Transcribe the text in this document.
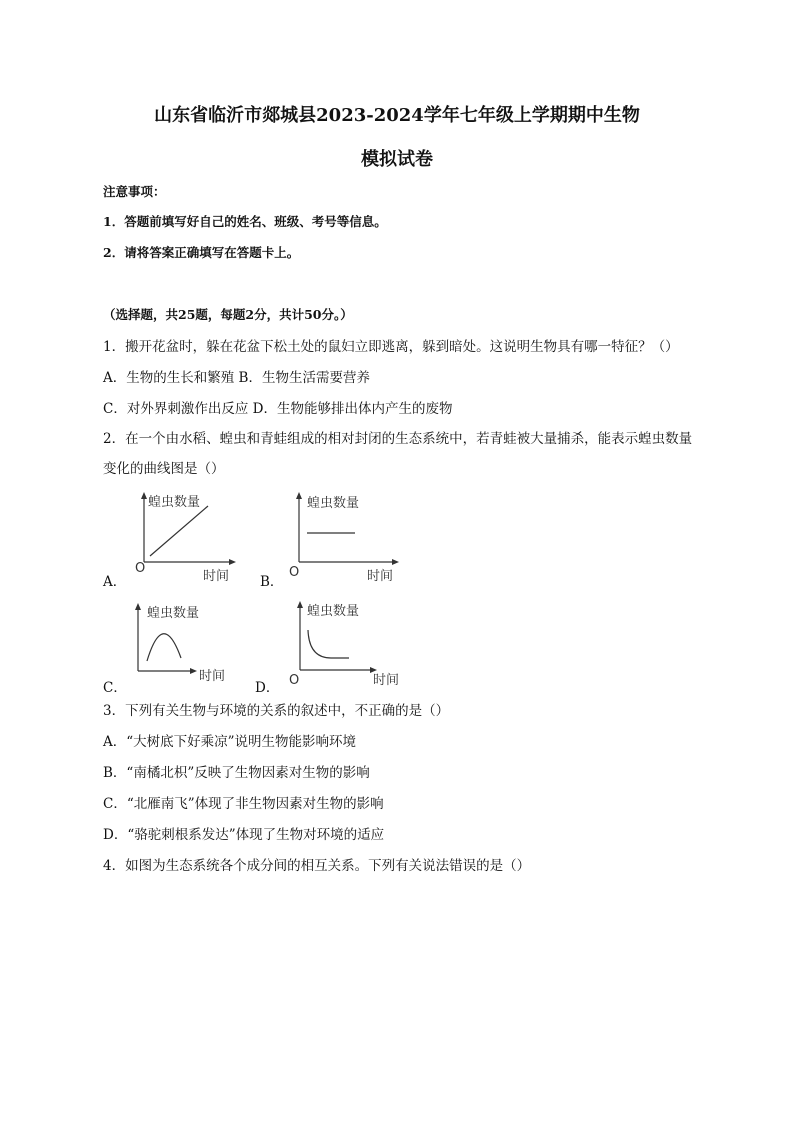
山东省临沂市郯城县2023-2024学年七年级上学期期中生物
模拟试卷
注意事项：
1．答题前填写好自己的姓名、班级、考号等信息。
2．请将答案正确填写在答题卡上。
（选择题，共25题，每题2分，共计50分。）
1．搬开花盆时，躲在花盆下松土处的鼠妇立即逃离，躲到暗处。这说明生物具有哪一特征？（）
A．生物的生长和繁殖 B．生物生活需要营养
C．对外界刺激作出反应 D．生物能够排出体内产生的废物
2．在一个由水稻、蝗虫和青蛙组成的相对封闭的生态系统中，若青蛙被大量捕杀，能表示蝗虫数量变化的曲线图是（）
A．
蝗虫数量
O
时间 B．
蝗虫数量
O	时间
C．
蝗虫数量
时间
D．
蝗虫数量
O	时间
3．下列有关生物与环境的关系的叙述中，不正确的是（）
A．“大树底下好乘凉”说明生物能影响环境
B．“南橘北枳”反映了生物因素对生物的影响
C．“北雁南飞”体现了非生物因素对生物的影响
D．“骆驼刺根系发达”体现了生物对环境的适应
4．如图为生态系统各个成分间的相互关系。下列有关说法错误的是（）
